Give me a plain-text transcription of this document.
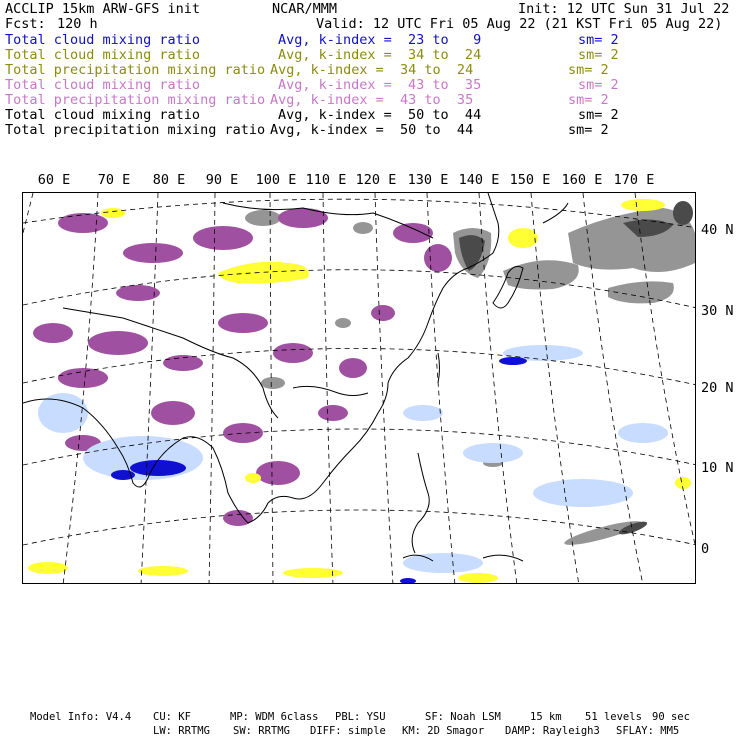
ACCLIP 15km ARW-GFS init	NCAR/MMM	Init: 12 UTC Sun 31 Jul 22
Fcst: 120 h	Valid: 12 UTC Fri 05 Aug 22 (21 KST Fri 05 Aug 22)
Total cloud mixing ratio	Avg, k-index =  23 to   9	sm= 2
Total cloud mixing ratio	Avg, k-index =  34 to  24	sm= 2
Total precipitation mixing ratio Avg, k-index =  34 to  24	sm= 2
Total cloud mixing ratio	Avg, k-index =  43 to  35	sm= 2
Total precipitation mixing ratio Avg, k-index =  43 to  35	sm= 2
Total cloud mixing ratio	Avg, k-index =  50 to  44	sm= 2
Total precipitation mixing ratio Avg, k-index =  50 to  44	sm= 2
60 E 70 E 80 E 90 E 100 E 110 E 120 E 130 E 140 E 150 E 160 E 170 E
40 N
30 N
20 N
10 N
0
Model Info: V4.4 CU: KF	MP: WDM 6class PBL: YSU	SF: Noah LSM	15 km 51 levels 90 sec
LW: RRTMG SW: RRTMG DIFF: simple KM: 2D Smagor DAMP: Rayleigh3 SFLAY: MM5
